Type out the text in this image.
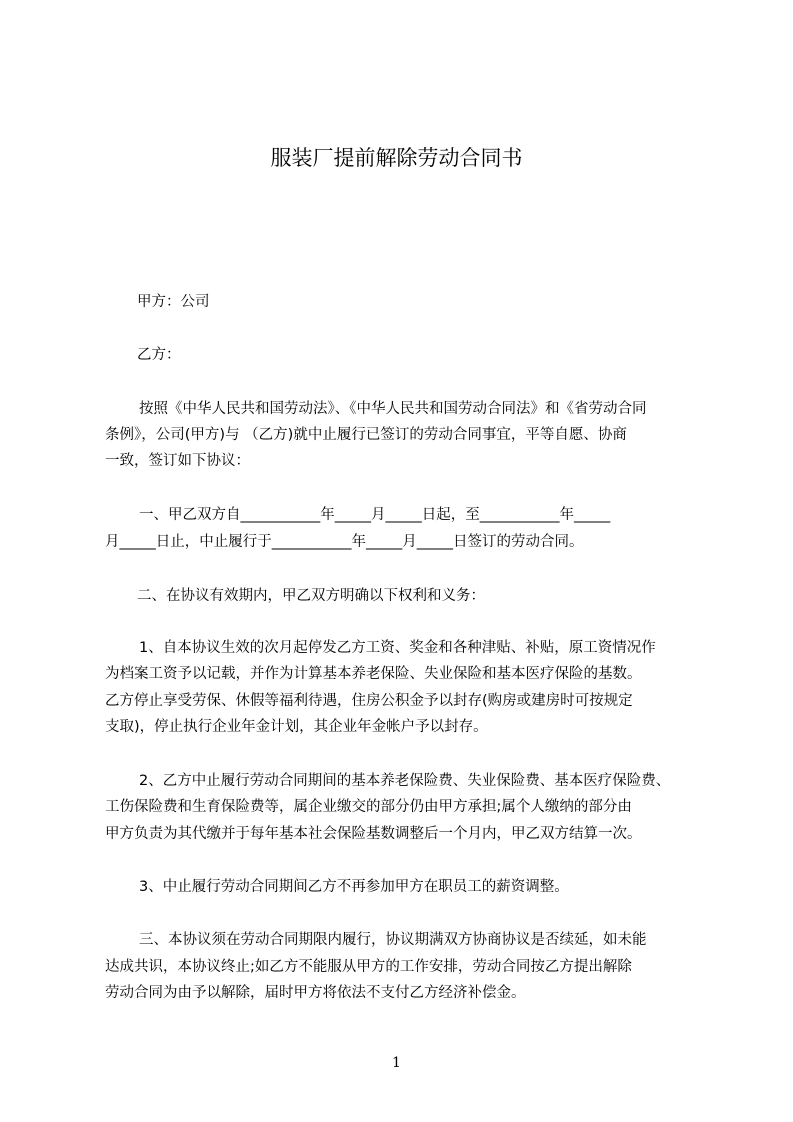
服装厂提前解除劳动合同书
甲方：公司
乙方：
按照《中华人民共和国劳动法》、《中华人民共和国劳动合同法》和《省劳动合同
条例》，公司(甲方)与 （乙方)就中止履行已签订的劳动合同事宜，平等自愿、协商
一致，签订如下协议：
一、甲乙双方自___________年_____月_____日起，至___________年_____
月_____日止，中止履行于___________年_____月_____日签订的劳动合同。
二、在协议有效期内，甲乙双方明确以下权利和义务：
1、自本协议生效的次月起停发乙方工资、奖金和各种津贴、补贴，原工资情况作
为档案工资予以记载，并作为计算基本养老保险、失业保险和基本医疗保险的基数。
乙方停止享受劳保、休假等福利待遇，住房公积金予以封存(购房或建房时可按规定
支取)，停止执行企业年金计划，其企业年金帐户予以封存。
2、乙方中止履行劳动合同期间的基本养老保险费、失业保险费、基本医疗保险费、
工伤保险费和生育保险费等，属企业缴交的部分仍由甲方承担;属个人缴纳的部分由
甲方负责为其代缴并于每年基本社会保险基数调整后一个月内，甲乙双方结算一次。
3、中止履行劳动合同期间乙方不再参加甲方在职员工的薪资调整。
三、本协议须在劳动合同期限内履行，协议期满双方协商协议是否续延，如未能
达成共识，本协议终止;如乙方不能服从甲方的工作安排，劳动合同按乙方提出解除
劳动合同为由予以解除，届时甲方将依法不支付乙方经济补偿金。
1
